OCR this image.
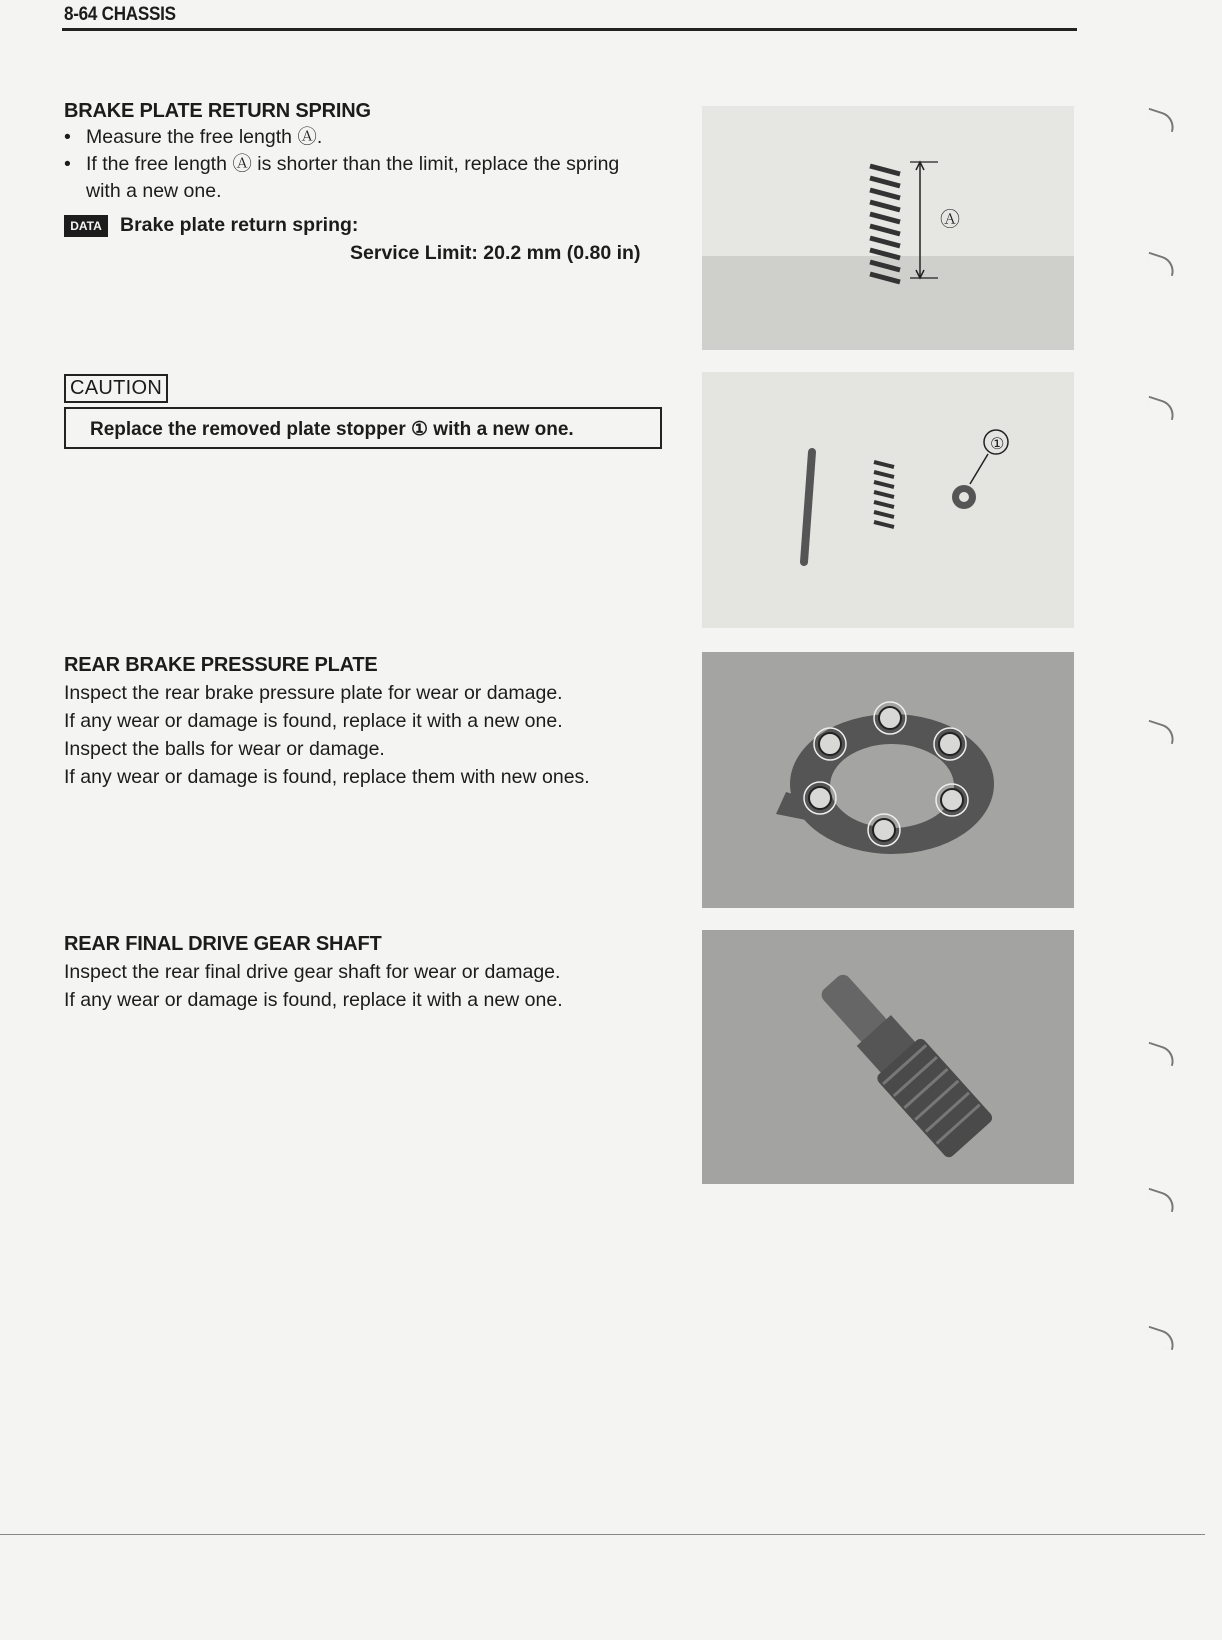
8-64 CHASSIS
BRAKE PLATE RETURN SPRING
• Measure the free length Ⓐ.
• If the free length Ⓐ is shorter than the limit, replace the spring
with a new one.
DATA Brake plate return spring:
Service Limit: 20.2 mm (0.80 in)
Ⓐ
CAUTION
Replace the removed plate stopper ① with a new one.
①
REAR BRAKE PRESSURE PLATE

Inspect the rear brake pressure plate for wear or damage.

If any wear or damage is found, replace it with a new one.

Inspect the balls for wear or damage.

If any wear or damage is found, replace them with new ones.

REAR FINAL DRIVE GEAR SHAFT

Inspect the rear final drive gear shaft for wear or damage.

If any wear or damage is found, replace it with a new one.
